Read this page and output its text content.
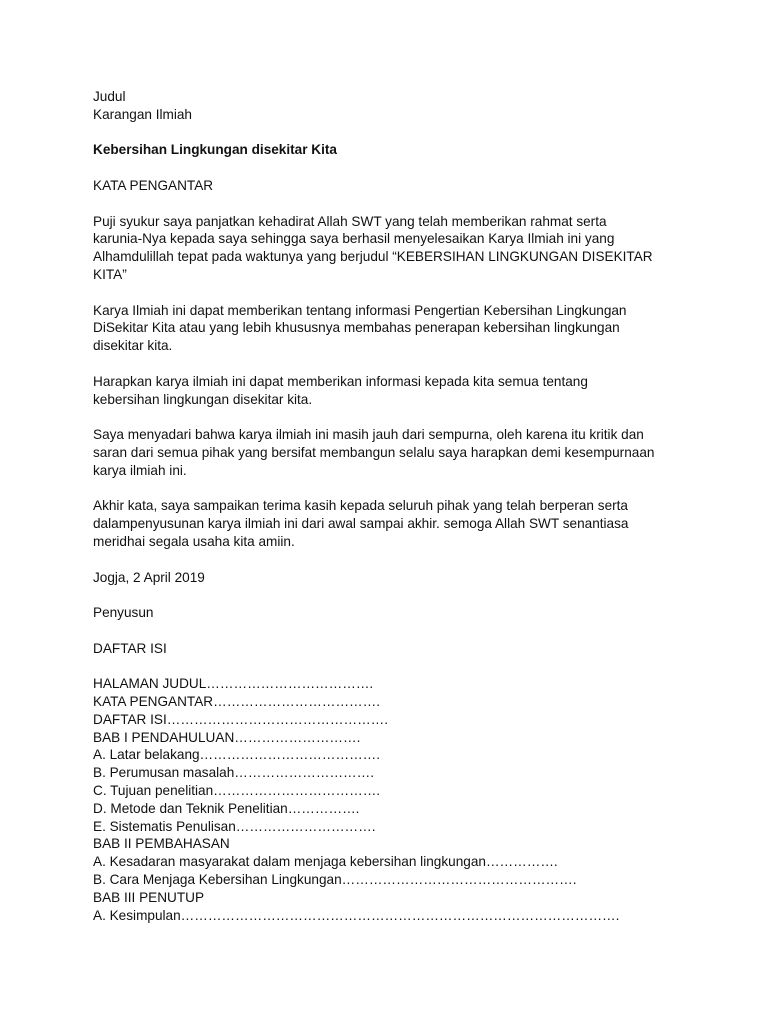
Judul
Karangan Ilmiah
Kebersihan Lingkungan disekitar Kita
KATA PENGANTAR
Puji syukur saya panjatkan kehadirat Allah SWT yang telah memberikan rahmat serta
karunia-Nya kepada saya sehingga saya berhasil menyelesaikan Karya Ilmiah ini yang
Alhamdulillah tepat pada waktunya yang berjudul “KEBERSIHAN LINGKUNGAN DISEKITAR
KITA”
Karya Ilmiah ini dapat memberikan tentang informasi Pengertian Kebersihan Lingkungan
DiSekitar Kita atau yang lebih khususnya membahas penerapan kebersihan lingkungan
disekitar kita.
Harapkan karya ilmiah ini dapat memberikan informasi kepada kita semua tentang
kebersihan lingkungan disekitar kita.
Saya menyadari bahwa karya ilmiah ini masih jauh dari sempurna, oleh karena itu kritik dan
saran dari semua pihak yang bersifat membangun selalu saya harapkan demi kesempurnaan
karya ilmiah ini.
Akhir kata, saya sampaikan terima kasih kepada seluruh pihak yang telah berperan serta
dalampenyusunan karya ilmiah ini dari awal sampai akhir. semoga Allah SWT senantiasa
meridhai segala usaha kita amiin.
Jogja, 2 April 2019
Penyusun
DAFTAR ISI
HALAMAN JUDUL……………………………….
KATA PENGANTAR……………………………….
DAFTAR ISI………………………………………….
BAB I PENDAHULUAN……………………….
A. Latar belakang………………………………….
B. Perumusan masalah………………………….
C. Tujuan penelitian……………………………….
D. Metode dan Teknik Penelitian…………….
E. Sistematis Penulisan………………………….
BAB II PEMBAHASAN
A. Kesadaran masyarakat dalam menjaga kebersihan lingkungan…………….
B. Cara Menjaga Kebersihan Lingkungan…………………………………………….
BAB III PENUTUP
A. Kesimpulan…………………………………………………………………………………….
